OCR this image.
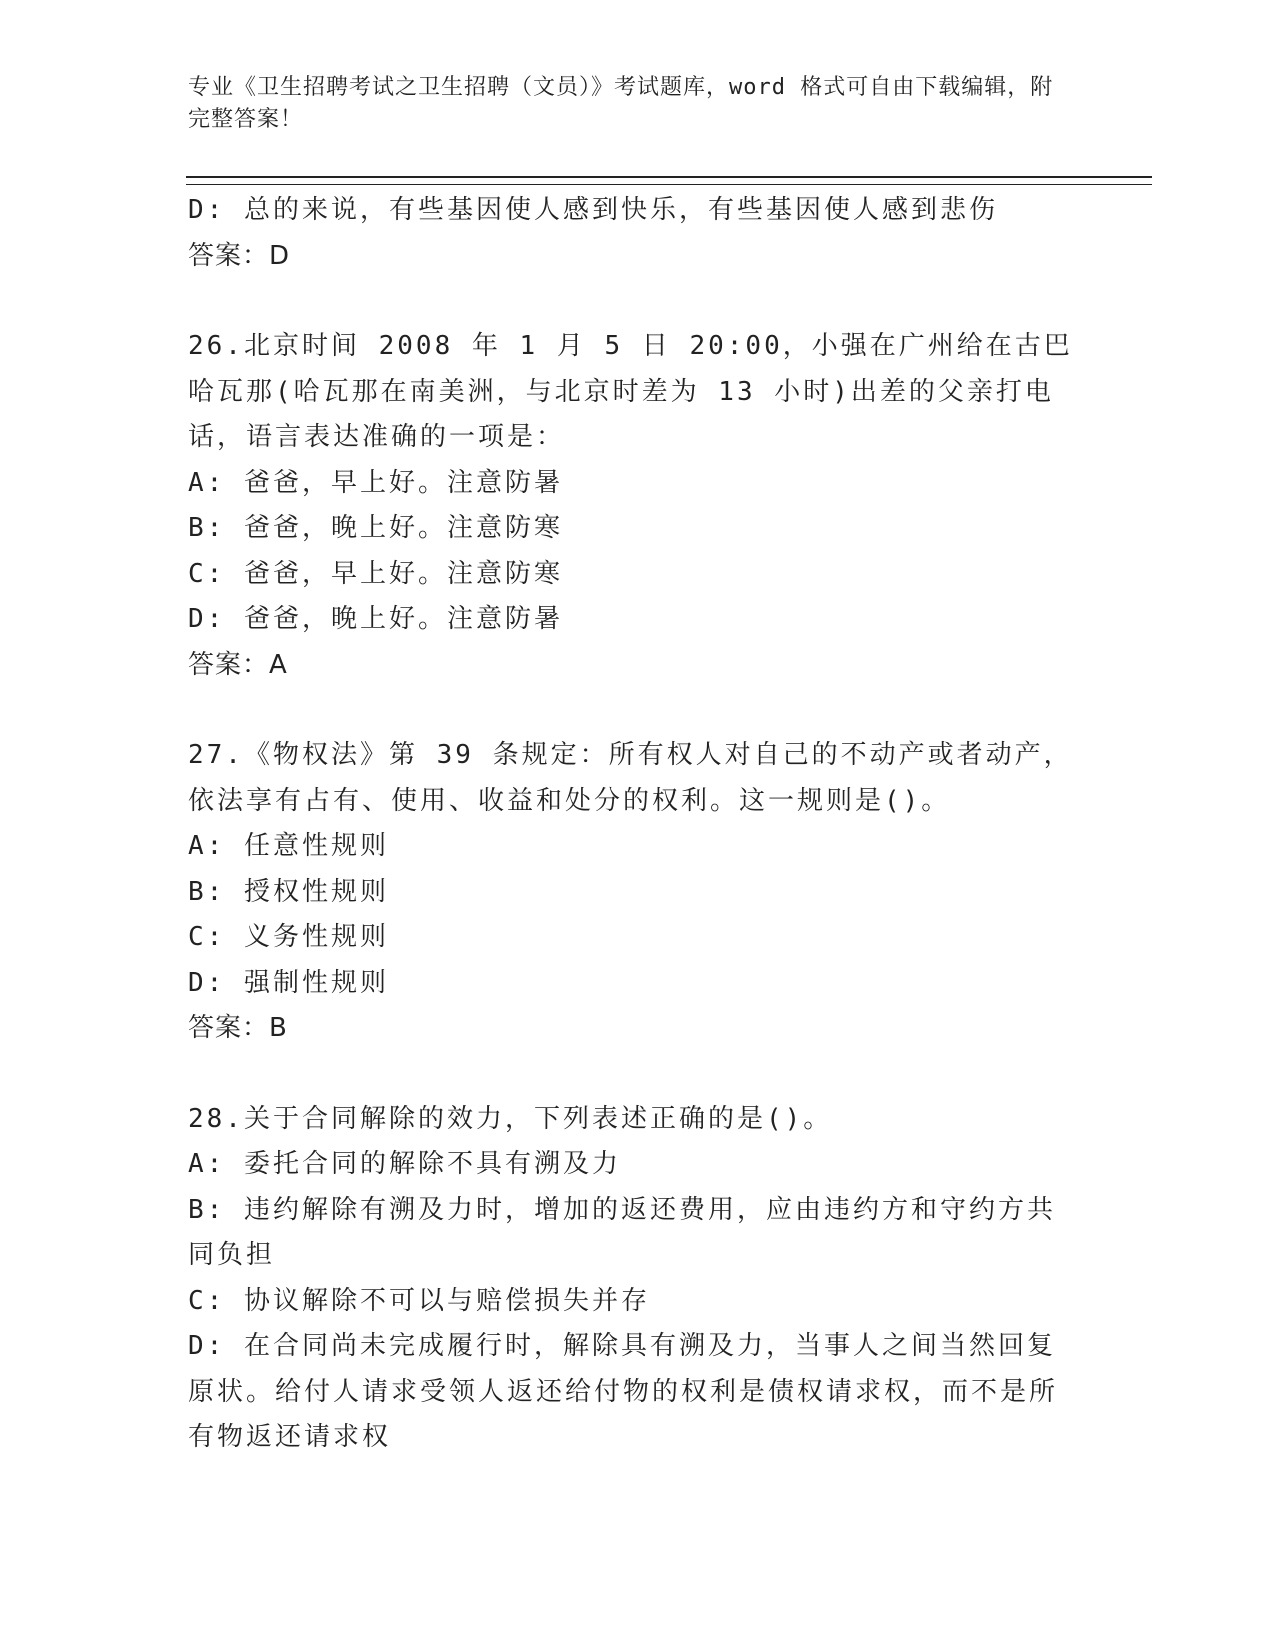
专业《卫生招聘考试之卫生招聘（文员）》考试题库，word 格式可自由下载编辑，附完整答案！
D: 总的来说，有些基因使人感到快乐，有些基因使人感到悲伤
答案：D
26.北京时间 2008 年 1 月 5 日 20:00，小强在广州给在古巴哈瓦那(哈瓦那在南美洲，与北京时差为 13 小时)出差的父亲打电话，语言表达准确的一项是：
A: 爸爸，早上好。注意防暑
B: 爸爸，晚上好。注意防寒
C: 爸爸，早上好。注意防寒
D: 爸爸，晚上好。注意防暑
答案：A
27.《物权法》第 39 条规定：所有权人对自己的不动产或者动产，依法享有占有、使用、收益和处分的权利。这一规则是()。
A: 任意性规则
B: 授权性规则
C: 义务性规则
D: 强制性规则
答案：B
28.关于合同解除的效力，下列表述正确的是()。
A: 委托合同的解除不具有溯及力
B: 违约解除有溯及力时，增加的返还费用，应由违约方和守约方共同负担
C: 协议解除不可以与赔偿损失并存
D: 在合同尚未完成履行时，解除具有溯及力，当事人之间当然回复原状。给付人请求受领人返还给付物的权利是债权请求权，而不是所有物返还请求权
